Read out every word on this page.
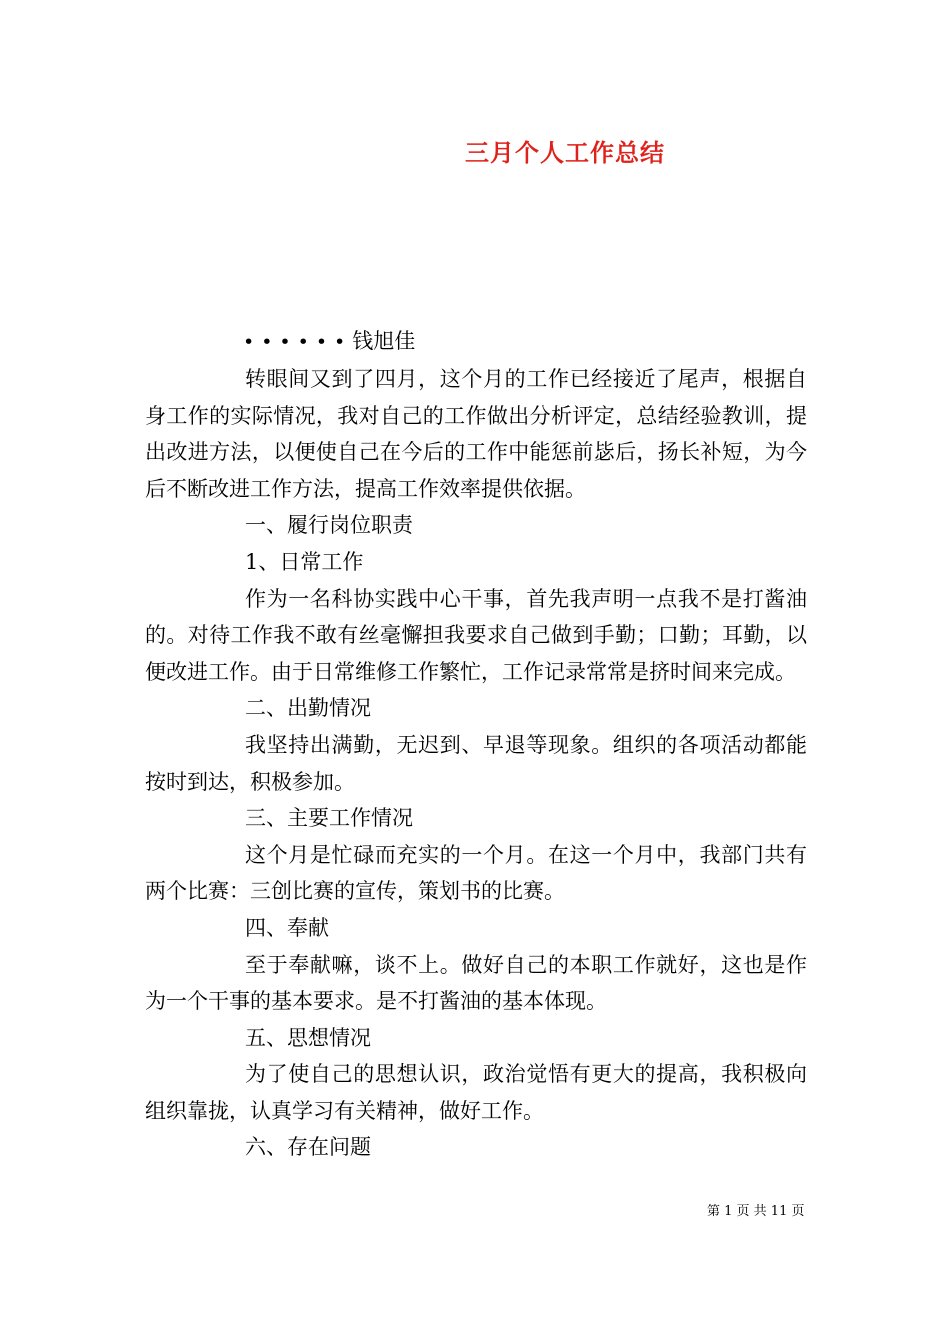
三月个人工作总结
••••••钱旭佳

转眼间又到了四月，这个月的工作已经接近了尾声，根据自身工作的实际情况，我对自己的工作做出分析评定，总结经验教训，提出改进方法，以便使自己在今后的工作中能惩前毖后，扬长补短，为今后不断改进工作方法，提高工作效率提供依据。

一、履行岗位职责

1、日常工作

作为一名科协实践中心干事，首先我声明一点我不是打酱油的。对待工作我不敢有丝毫懈担我要求自己做到手勤；口勤；耳勤，以便改进工作。由于日常维修工作繁忙，工作记录常常是挤时间来完成。

二、出勤情况

我坚持出满勤，无迟到、早退等现象。组织的各项活动都能按时到达，积极参加。

三、主要工作情况

这个月是忙碌而充实的一个月。在这一个月中，我部门共有两个比赛：三创比赛的宣传，策划书的比赛。

四、奉献

至于奉献嘛，谈不上。做好自己的本职工作就好，这也是作为一个干事的基本要求。是不打酱油的基本体现。

五、思想情况

为了使自己的思想认识，政治觉悟有更大的提高，我积极向组织靠拢，认真学习有关精神，做好工作。

六、存在问题

第 1 页 共 11 页
